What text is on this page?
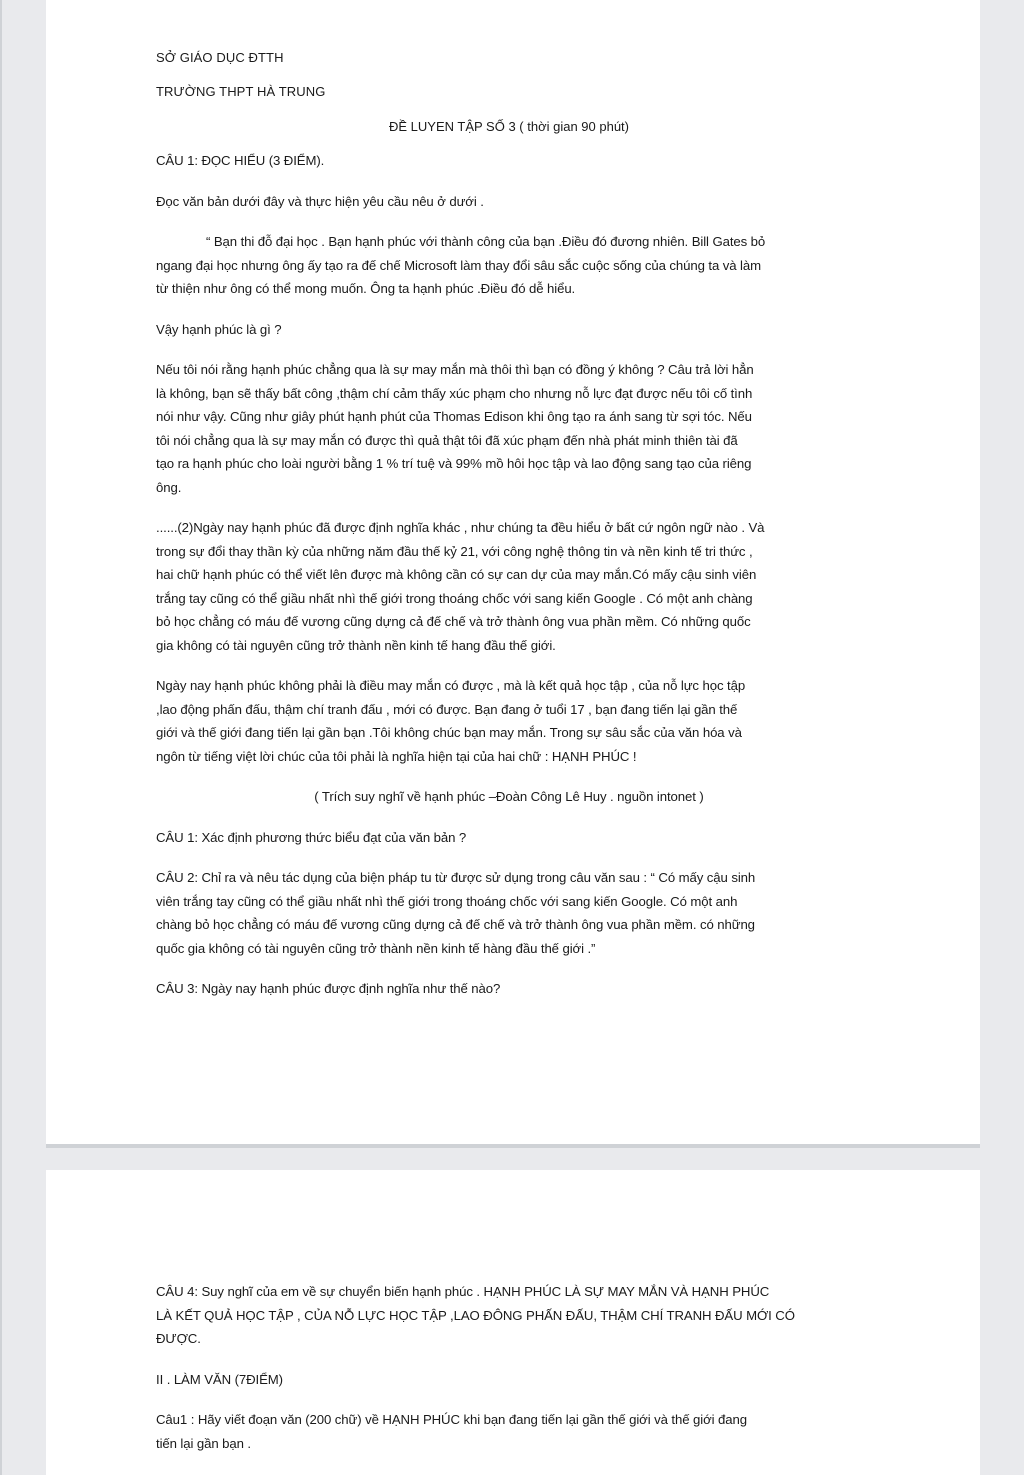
SỞ GIÁO DỤC ĐTTH

TRƯỜNG THPT HÀ TRUNG

ĐỀ LUYEN TẬP SỐ 3 ( thời gian 90 phút)

CÂU 1: ĐỌC HIỂU (3 ĐIỂM).

Đọc văn bản dưới đây và thực hiện yêu cầu nêu ở dưới .

“ Bạn thi đỗ đại học . Bạn hạnh phúc với thành công của bạn .Điều đó đương nhiên. Bill Gates bỏ

ngang đại học nhưng ông ấy tạo ra đế chế Microsoft làm thay đổi sâu sắc cuộc sống của chúng ta và làm

từ thiện như ông có thể mong muốn. Ông ta hạnh phúc .Điều đó dễ hiểu.

Vậy hạnh phúc là gì ?

Nếu tôi nói rằng hạnh phúc chẳng qua là sự may mắn mà thôi thì bạn có đồng ý không ? Câu trả lời hẳn

là không, bạn sẽ thấy bất công ,thậm chí cảm thấy xúc phạm cho nhưng nỗ lực đạt được nếu tôi cố tình

nói như vậy. Cũng như giây phút hạnh phút của Thomas Edison khi ông tạo ra ánh sang từ sợi tóc. Nếu

tôi nói chẳng qua là sự may mắn có được thì quả thật tôi đã xúc phạm đến nhà phát minh thiên tài đã

tạo ra hạnh phúc cho loài người bằng 1 % trí tuệ và 99% mồ hôi học tập và lao động sang tạo của riêng

ông.

......(2)Ngày nay hạnh phúc đã được định nghĩa khác , như chúng ta đều hiểu ở bất cứ ngôn ngữ nào . Và

trong sự đổi thay thần kỳ của những năm đầu thế kỷ 21, với công nghệ thông tin và nền kinh tế tri thức ,

hai chữ hạnh phúc có thể viết lên được mà không cần có sự can dự của may mắn.Có mấy cậu sinh viên

trắng tay cũng có thể giầu nhất nhì thế giới trong thoáng chốc với sang kiến Google . Có một anh chàng

bỏ học chẳng có máu đế vương cũng dựng cả đế chế và trở thành ông vua phần mềm. Có những quốc

gia không có tài nguyên cũng trở thành nền kinh tế hang đầu thế giới.

Ngày nay hạnh phúc không phải là điều may mắn có được , mà là kết quả học tập , của nỗ lực học tập

,lao động phấn đấu, thậm chí tranh đấu , mới có được. Bạn đang ở tuổi 17 , bạn đang tiến lại gần thế

giới và thế giới đang tiến lại gần bạn .Tôi không chúc bạn may mắn. Trong sự sâu sắc của văn hóa và

ngôn từ tiếng việt lời chúc của tôi phải là nghĩa hiện tại của hai chữ : HẠNH PHÚC !

( Trích suy nghĩ về hạnh phúc –Đoàn Công Lê Huy . nguồn intonet )

CÂU 1: Xác định phương thức biểu đạt của văn bản ?

CÂU 2: Chỉ ra và nêu tác dụng của biện pháp tu từ được sử dụng trong câu văn sau : “ Có mấy cậu sinh

viên trắng tay cũng có thể giầu nhất nhì thế giới trong thoáng chốc với sang kiến Google. Có một anh

chàng bỏ học chẳng có máu đế vương cũng dựng cả đế chế và trở thành ông vua phần mềm. có những

quốc gia không có tài nguyên cũng trở thành nền kinh tế hàng đầu thế giới .”

CÂU 3: Ngày nay hạnh phúc được định nghĩa như thế nào?

CÂU 4: Suy nghĩ của em về sự chuyển biến hạnh phúc . HẠNH PHÚC LÀ SỰ MAY MẮN VÀ HẠNH PHÚC

LÀ KẾT QUẢ HỌC TẬP , CỦA NỖ LỰC HỌC TẬP ,LAO ĐÔNG PHẤN ĐẤU, THẬM CHÍ TRANH ĐẤU MỚI CÓ

ĐƯỢC.

II . LÀM VĂN (7ĐIỂM)

Câu1 : Hãy viết đoạn văn (200 chữ) về HẠNH PHÚC khi bạn đang tiến lại gần thế giới và thế giới đang

tiến lại gần bạn .
